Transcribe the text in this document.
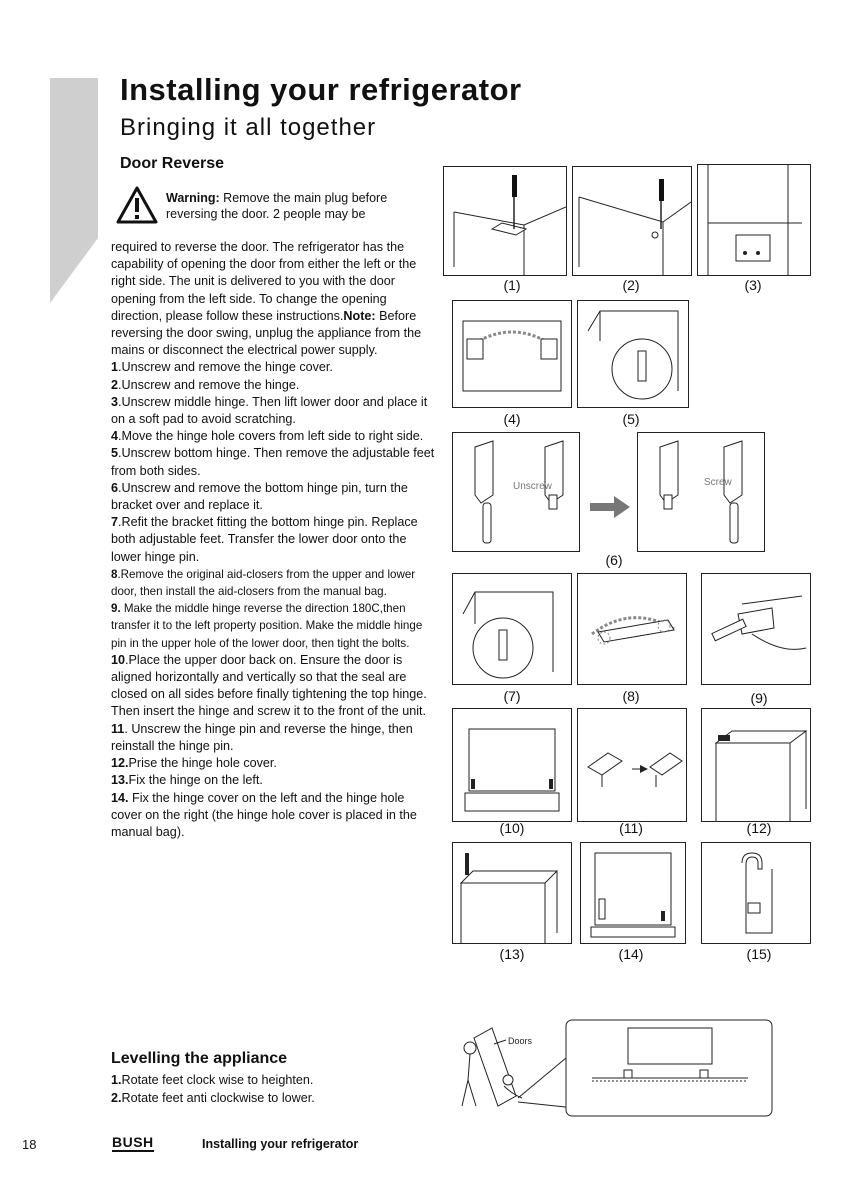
Installing your refrigerator
Bringing it all together
Door Reverse
Warning: Remove the main plug before reversing the door. 2 people may be

required to reverse the door. The refrigerator has the capability of opening the door from either the left or the right side. The unit is delivered to you with the door opening from the left side. To change the opening direction, please follow these instructions.Note: Before reversing the door swing, unplug the appliance from the mains or disconnect the electrical power supply.

1.Unscrew and remove the hinge cover.

2.Unscrew and remove the hinge.

3.Unscrew middle hinge. Then lift lower door and place it on a soft pad to avoid scratching.

4.Move the hinge hole covers from left side to right side.

5.Unscrew bottom hinge. Then remove the adjustable feet from both sides.

6.Unscrew and remove the bottom hinge pin, turn the bracket over and replace it.

7.Refit the bracket fitting the bottom hinge pin. Replace both adjustable feet. Transfer the lower door onto the lower hinge pin.

8.Remove the original aid-closers from the upper and lower door, then install the aid-closers from the manual bag.

9. Make the middle hinge reverse the direction 180C,then transfer it to the left property position. Make the middle hinge pin in the upper hole of the lower door, then tight the bolts.

10.Place the upper door back on. Ensure the door is aligned horizontally and vertically so that the seal are closed on all sides before finally tightening the top hinge. Then insert the hinge and screw it to the front of the unit.

11. Unscrew the hinge pin and reverse the hinge, then reinstall the hinge pin.

12.Prise the hinge hole cover.

13.Fix the hinge on the left.

14. Fix the hinge cover on the left and the hinge hole cover on the right (the hinge hole cover is placed in the manual bag).

(1)	(2)	(3)
(4)	(5)
Unscrew	Screw
(6)
(7)	(8)	(9)
(10)	(11)	(12)
(13)	(14)	(15)
Doors
Levelling the appliance

1.Rotate feet clock wise to heighten.

2.Rotate feet anti clockwise to lower.

18	BUSH	Installing your refrigerator
